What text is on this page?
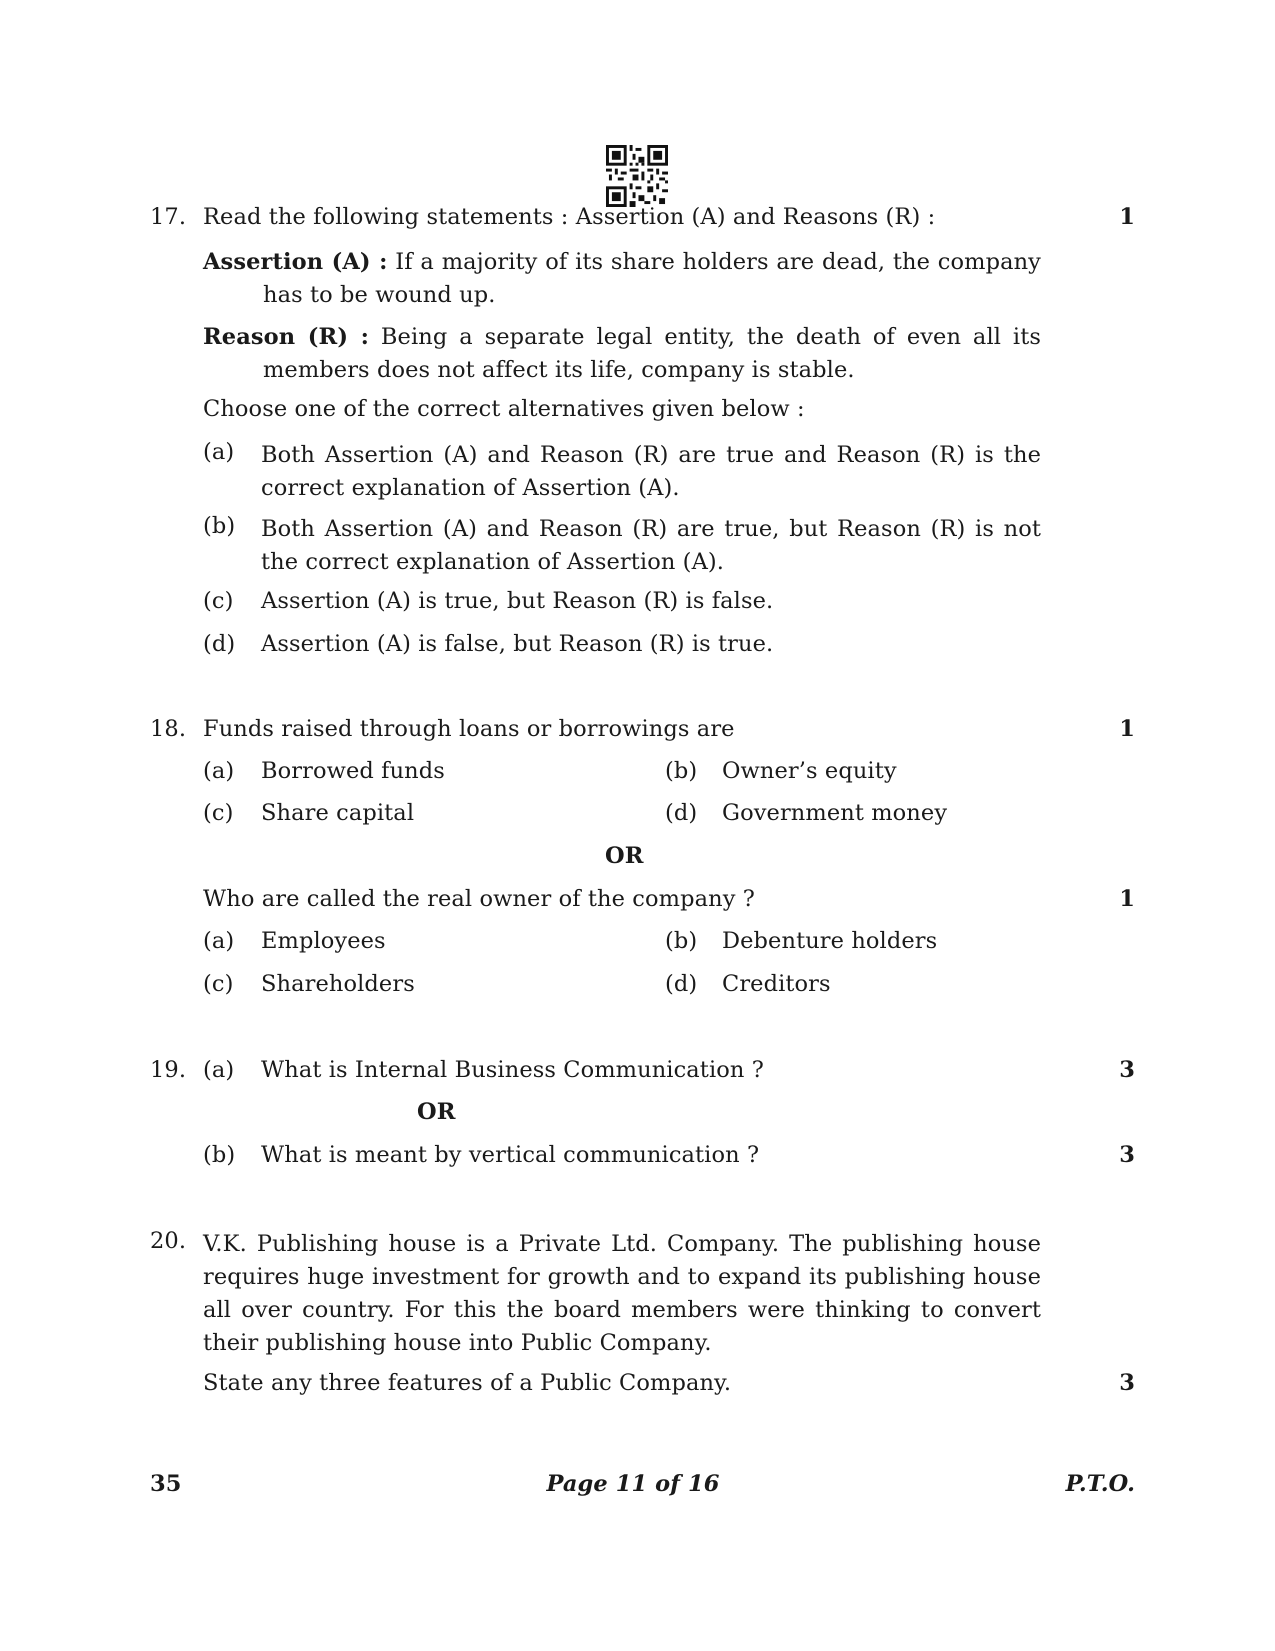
17. Read the following statements : Assertion (A) and Reasons (R) :	1
Assertion (A) : If a majority of its share holders are dead, the company has to be wound up.
Reason (R) : Being a separate legal entity, the death of even all its members does not affect its life, company is stable.
Choose one of the correct alternatives given below :
(a) Both Assertion (A) and Reason (R) are true and Reason (R) is the correct explanation of Assertion (A).
(b) Both Assertion (A) and Reason (R) are true, but Reason (R) is not the correct explanation of Assertion (A).
(c) Assertion (A) is true, but Reason (R) is false.
(d) Assertion (A) is false, but Reason (R) is true.
18. Funds raised through loans or borrowings are	1
(a) Borrowed funds	(b) Owner’s equity
(c) Share capital	(d) Government money
OR
Who are called the real owner of the company ?	1
(a) Employees	(b) Debenture holders
(c) Shareholders	(d) Creditors
19. (a) What is Internal Business Communication ?	3
OR
(b) What is meant by vertical communication ?	3
20. V.K. Publishing house is a Private Ltd. Company. The publishing house requires huge investment for growth and to expand its publishing house all over country. For this the board members were thinking to convert their publishing house into Public Company.
State any three features of a Public Company.	3
35	Page 11 of 16	P.T.O.
